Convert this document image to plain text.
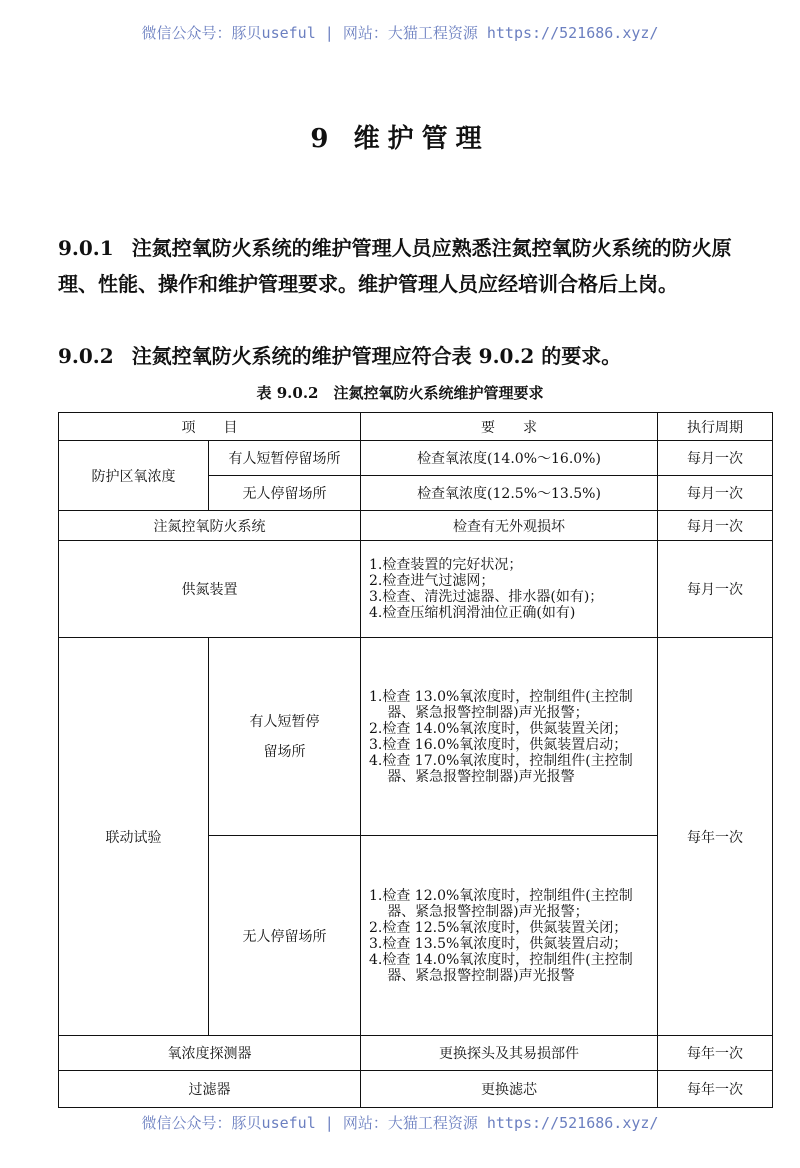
微信公众号：豚贝useful | 网站：大猫工程资源 https://521686.xyz/
9 维护管理
9.0.1 注氮控氧防火系统的维护管理人员应熟悉注氮控氧防火系统的防火原理、性能、操作和维护管理要求。维护管理人员应经培训合格后上岗。
9.0.2 注氮控氧防火系统的维护管理应符合表 9.0.2 的要求。
表 9.0.2　注氮控氧防火系统维护管理要求
项　　目		要　　求	执行周期
防护区氧浓度	有人短暂停留场所	检查氧浓度(14.0%～16.0%)	每月一次
	无人停留场所	检查氧浓度(12.5%～13.5%)	每月一次
注氮控氧防火系统		检查有无外观损坏	每月一次
供氮装置		1.检查装置的完好状况；
2.检查进气过滤网；
3.检查、清洗过滤器、排水器(如有)；
4.检查压缩机润滑油位正确(如有)	每月一次
联动试验	有人短暂停留场所	1.检查 13.0%氧浓度时，控制组件(主控制器、紧急报警控制器)声光报警；
2.检查 14.0%氧浓度时，供氮装置关闭；
3.检查 16.0%氧浓度时，供氮装置启动；
4.检查 17.0%氧浓度时，控制组件(主控制器、紧急报警控制器)声光报警	每年一次
	无人停留场所	1.检查 12.0%氧浓度时，控制组件(主控制器、紧急报警控制器)声光报警；
2.检查 12.5%氧浓度时，供氮装置关闭；
3.检查 13.5%氧浓度时，供氮装置启动；
4.检查 14.0%氧浓度时，控制组件(主控制器、紧急报警控制器)声光报警	

氧浓度探测器		更换探头及其易损部件	每年一次
过滤器		更换滤芯	每年一次
微信公众号：豚贝useful | 网站：大猫工程资源 https://521686.xyz/
